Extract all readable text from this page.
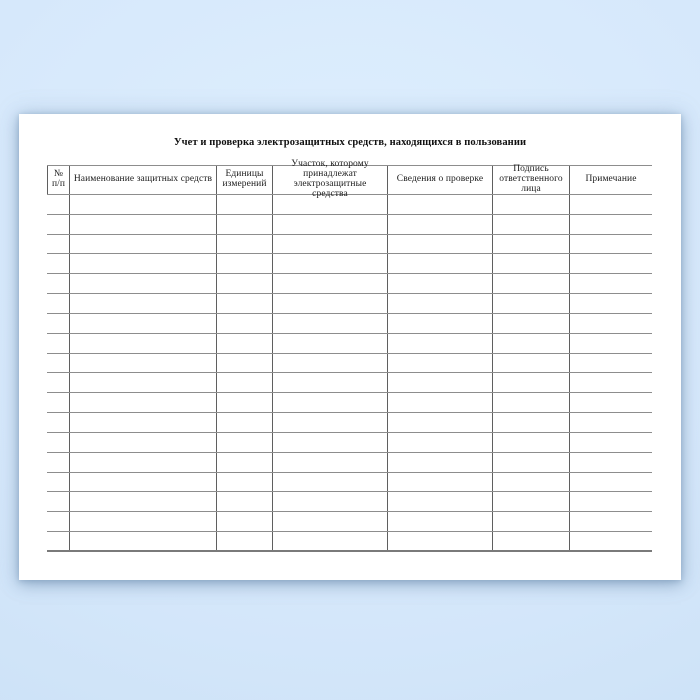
Учет и проверка электрозащитных средств, находящихся в пользовании
№
п/п Наименование защитных средств	Единицы
измерений
Участок, которому
принадлежат
электрозащитные средства
Сведения о проверке
Подпись
ответственного
лица
Примечание
